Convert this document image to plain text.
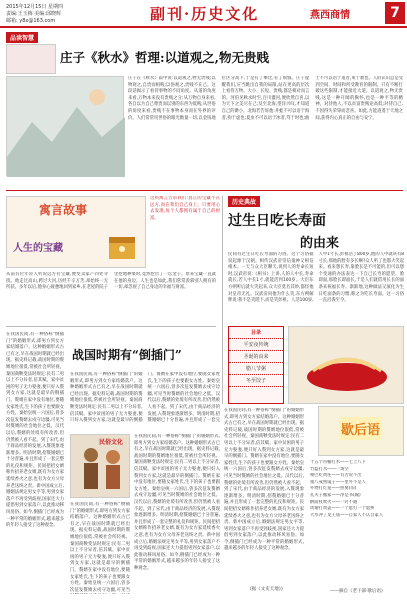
2015年12月15日 星期四
责编:王玉梅 美编:邱晓辉
邮箱: y8x@163.com	副刊·历史文化	燕西商情	7
品读智慧
庄子《秋水》哲理:以道观之,物无贵贱
庄子在《秋水》篇中说:以道观之,物无贵贱;以物观之,自贵而相贱;以俗观之,贵贱不在己。这段话揭示了看待事物的不同角度。从道的角度来看,万物本来没有贵贱之分;从万物自身来看,各自以为自己尊贵而以别的东西为低贱;从世俗的角度来看,贵贱不在事物本身而在外界的评价。人们常常用世俗的眼光衡量一切,以金钱地位区分高下,于是有了攀比,有了烦恼。庄子提醒我们,应当跳出自我的局限,站在更高的层次上看待万物。大小、长短、贵贱,都是相对而言的。河伯见秋水时至,百川灌河,便欣然自喜,以为天下之美尽在己;及至北海,望洋兴叹,才知道自己的渺小。北海若告诉他:井蛙不可以语于海者,拘于虚也;夏虫不可以语于冰者,笃于时也;曲士不可以语于道者,束于教也。人的认识总是受到空间、时间和所受教育的限制。只有不断打破这些限制,才能接近大道。以道观之,物无贵贱,这是一种开阔的胸怀,也是一种平等的精神。对待他人,不以贫富贵贱论高低;对待自己,不因得失荣辱而悲喜。如此,方能逍遥于天地之间,获得内心真正的自由与安宁。
寓言故事
人生的宝藏
这则寓言告诉我们:真正的宝藏不在远方,而在我们自己身上。只要用心去发现,每个人都拥有属于自己的财富。
从前有位年轻人听说远方有宝藏,便变卖家产四处寻找。他走过高山,跨过大河,历经千辛万苦,却始终一无所获。多年以后,他身心疲惫地回到家乡,在老屋的院子里挖地种菜时,竟然挖出了一坛金子。原来宝藏一直就在他的身边。人生也是如此,我们常常羡慕别人拥有的一切,却忽视了自己身边的幸福与财富。
历史典故
过生日吃长寿面
的由来
民间有过生日吃长寿面的习俗。这个习俗据说起源于汉朝。相传汉武帝崇信鬼神又相信相术。一天与众大臣聊天,说到人的寿命长短时,汉武帝说:《相书》上讲,人的人中长,寿命就长,若人中长1寸,就能活到100岁。大臣东方朔听后就大笑起来,众大臣莫名其妙,都怪他对皇帝无礼。汉武帝问他为什么笑,东方朔解释说:我不是笑陛下,而是笑彭祖。人活100岁,人中1寸长,彭祖活了800岁,他的人中就该有8寸长,那他的脸有多长啊?众人听了也都大笑起来。看来想长寿,靠脸长是不可能的,但可以想个变通的办法表达一下自己长寿的愿望。脸即面,那脸长即面长,于是人们就借用长长的面条来祝福长寿。渐渐地,这种做法又演化为生日吃面条的习惯,称之为吃长寿面。这一习俗一直沿袭至今。
目录
平安夜传统
圣诞的由来
腊八节粥
冬至饺子
在我国民间,有一种俗称“倒插门”的婚姻形式,即男方到女方家结婚落户。这种婚姻形式古已有之,早在战国时期就已经出现。据史料记载,战国时期的赘婿地位很低,常被社会所轻视。秦国商鞅变法时规定:民有二男以上不分异者,倍其赋。家中贫困的男子无力娶妻,便只好入赘到女方家,这就是最早的倒插门。赘婿在家中没有地位,要随女家姓氏,生下的孩子也要跟女方姓。秦始皇统一六国后,曾多次征发赘婿去戍守边疆,可见当时赘婿的社会地位之低。汉代以后,赘婿的处境有所改善,但仍然被人看不起。到了宋代,由于商品经济的发展,入赘现象逐渐增多。明清时期,招赘婚姻已十分普遍,并且形成了一套完整的礼仪和规矩。民间把招女婿称作招养老女婿,既有为女方家延续香火之意,也有为女方父母养老送终之责。新中国成立后,婚姻法规定男女平等,男到女家落户不再受到歧视,国家还大力提倡男到女家落户,以此推动移风易俗。如今,倒插门已经成为一种平常的婚姻形式,越来越多的年轻人接受了这种观念。
战国时期有“倒插门”
在我国民间,有一种俗称“倒插门”的婚姻形式,即男方到女方家结婚落户。这种婚姻形式古已有之,早在战国时期就已经出现。据史料记载,战国时期的赘婿地位很低,常被社会所轻视。秦国商鞅变法时规定:民有二男以上不分异者,倍其赋。家中贫困的男子无力娶妻,便只好入赘到女方家,这就是最早的倒插门。赘婿在家中没有地位,要随女家姓氏,生下的孩子也要跟女方姓。秦始皇统一六国后,曾多次征发赘婿去戍守边疆,可见当时赘婿的社会地位之低。汉代以后,赘婿的处境有所改善,但仍然被人看不起。到了宋代,由于商品经济的发展,入赘现象逐渐增多。明清时期,招赘婚姻已十分普遍,并且形成了一套完
民俗文化
在我国民间,有一种俗称“倒插门”的婚姻形式,即男方到女方家结婚落户。这种婚姻形式古已有之,早在战国时期就已经出现。据史料记载,战国时期的赘婿地位很低,常被社会所轻视。秦国商鞅变法时规定:民有二男以上不分异者,倍其赋。家中贫困的男子无力娶妻,便只好入赘到女方家,这就是最早的倒插门。赘婿在家中没有地位,要随女家姓氏,生下的孩子也要跟女方姓。秦始皇统一六国后,曾多次征发赘婿去戍守边疆,可见当时赘婿的社会地位之低。汉代以后,赘婿的处境有所改善,但仍然被人看不起。到了宋代,由于商品经济的发展,入赘现象逐渐增多。明清时期,招赘婚姻已十分普遍,并且形成了一套完整的礼仪和规矩。民间把招女婿称作招养老女婿,既有为女方家延续香火之意,也有为女方父母养老送终之责。新中国成立后,婚姻法规定男女平等,男到女家落户不再受到歧视,国家还大力提倡男到女家落户,以此推动移风易俗。如今,倒插门已经成为一种平常的婚姻形式,越来越多的年轻人接受了这种观念。
在我国民间,有一种俗称“倒插门”的婚姻形式,即男方到女方家结婚落户。这种婚姻形式古已有之,早在战国时期就已经出现。据史料记载,战国时期的赘婿地位很低,常被社会所轻视。秦国商鞅变法时规定:民有二男以上不分异者,倍其赋。家中贫困的男子无力娶妻,便只好入赘到女方家,这就是最早的倒插门。赘婿在家中没有地位,要随女家姓氏,生下的孩子也要跟女方姓。秦始皇统一六国后,曾多次征发赘婿去戍守边疆,可见当
在我国民间,有一种俗称“倒插门”的婚姻形式,即男方到女方家结婚落户。这种婚姻形式古已有之,早在战国时期就已经出现。据史料记载,战国时期的赘婿地位很低,常被社会所轻视。秦国商鞅变法时规定:民有二男以上不分异者,倍其赋。家中贫困的男子无力娶妻,便只好入赘到女方家,这就是最早的倒插门。赘婿在家中没有地位,要随女家姓氏,生下的孩子也要跟女方姓。秦始皇统一六国后,曾多次征发赘婿去戍守边疆,可见当时赘婿的社会地位之低。汉代以后,赘婿的处境有所改善,但仍然被人看不起。到了宋代,由于商品经济的发展,入赘现象逐渐增多。明清时期,招赘婚姻已十分普遍,并且形成了一套完整的礼仪和规矩。民间把招女婿称作招养老女婿,既有为女方家延续香火之意,也有为女方父母养老送终之责。新中国成立后,婚姻法规定男女平等,男到女家落户不再受到歧视,国家还大力提倡男到女家落户,以此推动移风易俗。如今,倒插门已经成为一种平常的婚姻形式,越来越多的年轻人接受了这种观念。
(据《文史天地》)
歇后语
十五个吊桶打水——七上八下
竹篮打水——一场空
哑巴吃黄连——有苦说不出
猪八戒照镜子——里外不是人
外甥打灯笼——照舅(旧)
孔夫子搬家——净是书(输)
擀面杖吹火——一窍不通
周瑜打黄盖——一个愿打一个愿挨
大水冲了龙王庙——自家人不认自家人
——摘自《老干部·歇后语》
